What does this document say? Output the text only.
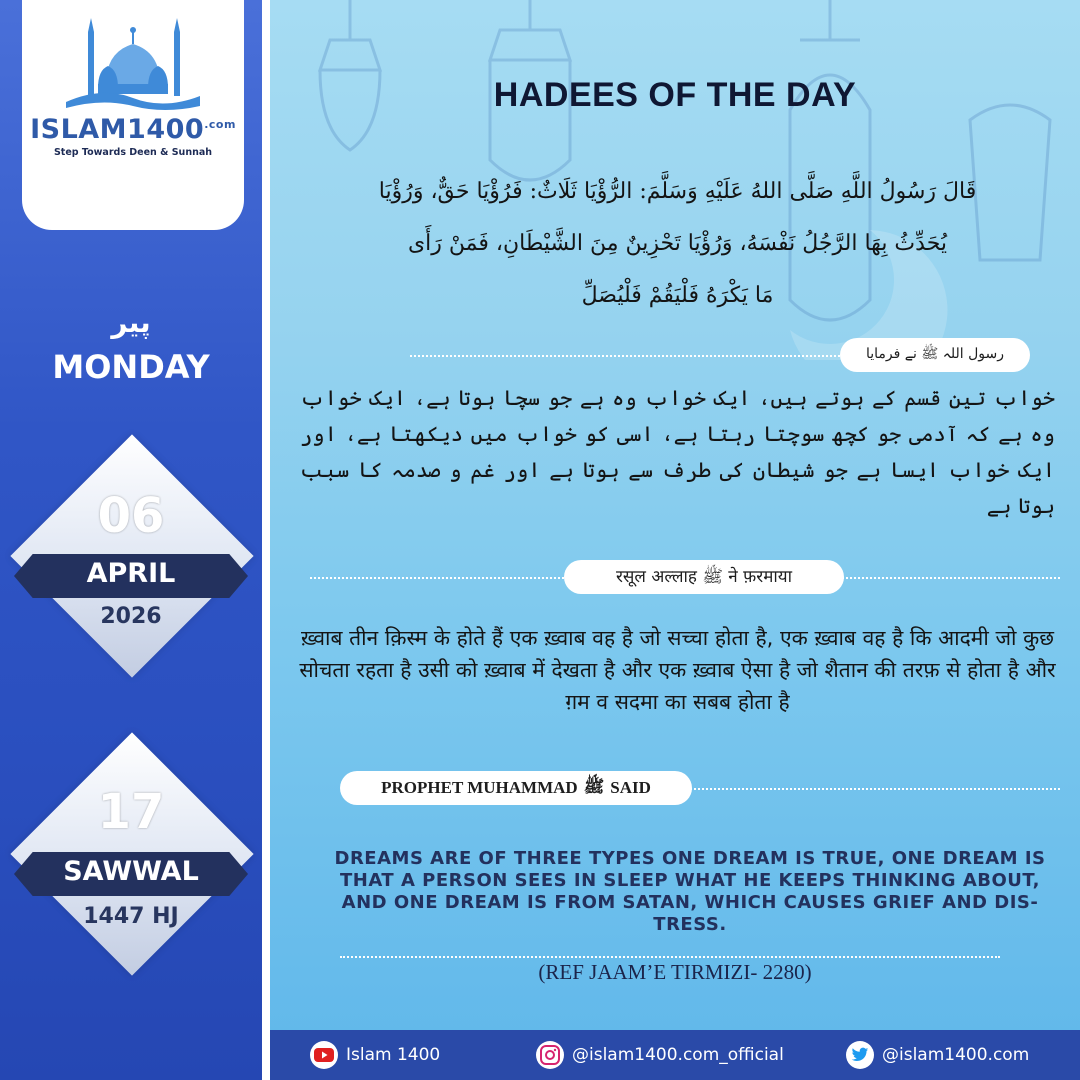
$ISLAM1400^{.com}$
Step Towards Deen & Sunnah
پیر
MONDAY
06
APRIL
2026
17
SAWWAL
1447 HJ
HADEES OF THE DAY
قَالَ رَسُولُ اللَّهِ صَلَّى اللهُ عَلَيْهِ وَسَلَّمَ: الرُّؤْيَا ثَلَاثٌ: فَرُؤْيَا حَقٌّ، وَرُؤْيَا
يُحَدِّثُ بِهَا الرَّجُلُ نَفْسَهُ، وَرُؤْيَا تَحْزِينٌ مِنَ الشَّيْطَانِ، فَمَنْ رَأَى
مَا يَكْرَهُ فَلْيَقُمْ فَلْيُصَلِّ
رسول اللہ ﷺ نے فرمایا
خواب تین قسم کے ہوتے ہیں، ایک خواب وہ ہے جو سچا ہوتا ہے، ایک خواب وہ ہے کہ آدمی جو کچھ سوچتا رہتا ہے، اسی کو خواب میں دیکھتا ہے، اور ایک خواب ایسا ہے جو شیطان کی طرف سے ہوتا ہے اور غم و صدمہ کا سبب ہوتا ہے
रसूल अल्लाह ﷺ ने फ़रमाया
ख़्वाब तीन क़िस्म के होते हैं एक ख़्वाब वह है जो सच्चा होता है, एक ख़्वाब वह है कि आदमी जो कुछ सोचता रहता है उसी को ख़्वाब में देखता है और एक ख़्वाब ऐसा है जो शैतान की तरफ़ से होता है और ग़म व सदमा का सबब होता है
PROPHET MUHAMMAD ﷺ SAID
DREAMS ARE OF THREE TYPES ONE DREAM IS TRUE, ONE DREAM IS THAT A PERSON SEES IN SLEEP WHAT HE KEEPS THINKING ABOUT, AND ONE DREAM IS FROM SATAN, WHICH CAUSES GRIEF AND DIS-TRESS.
(REF JAAM’E TIRMIZI- 2280)
Islam 1400	@islam1400.com_official	@islam1400.com
